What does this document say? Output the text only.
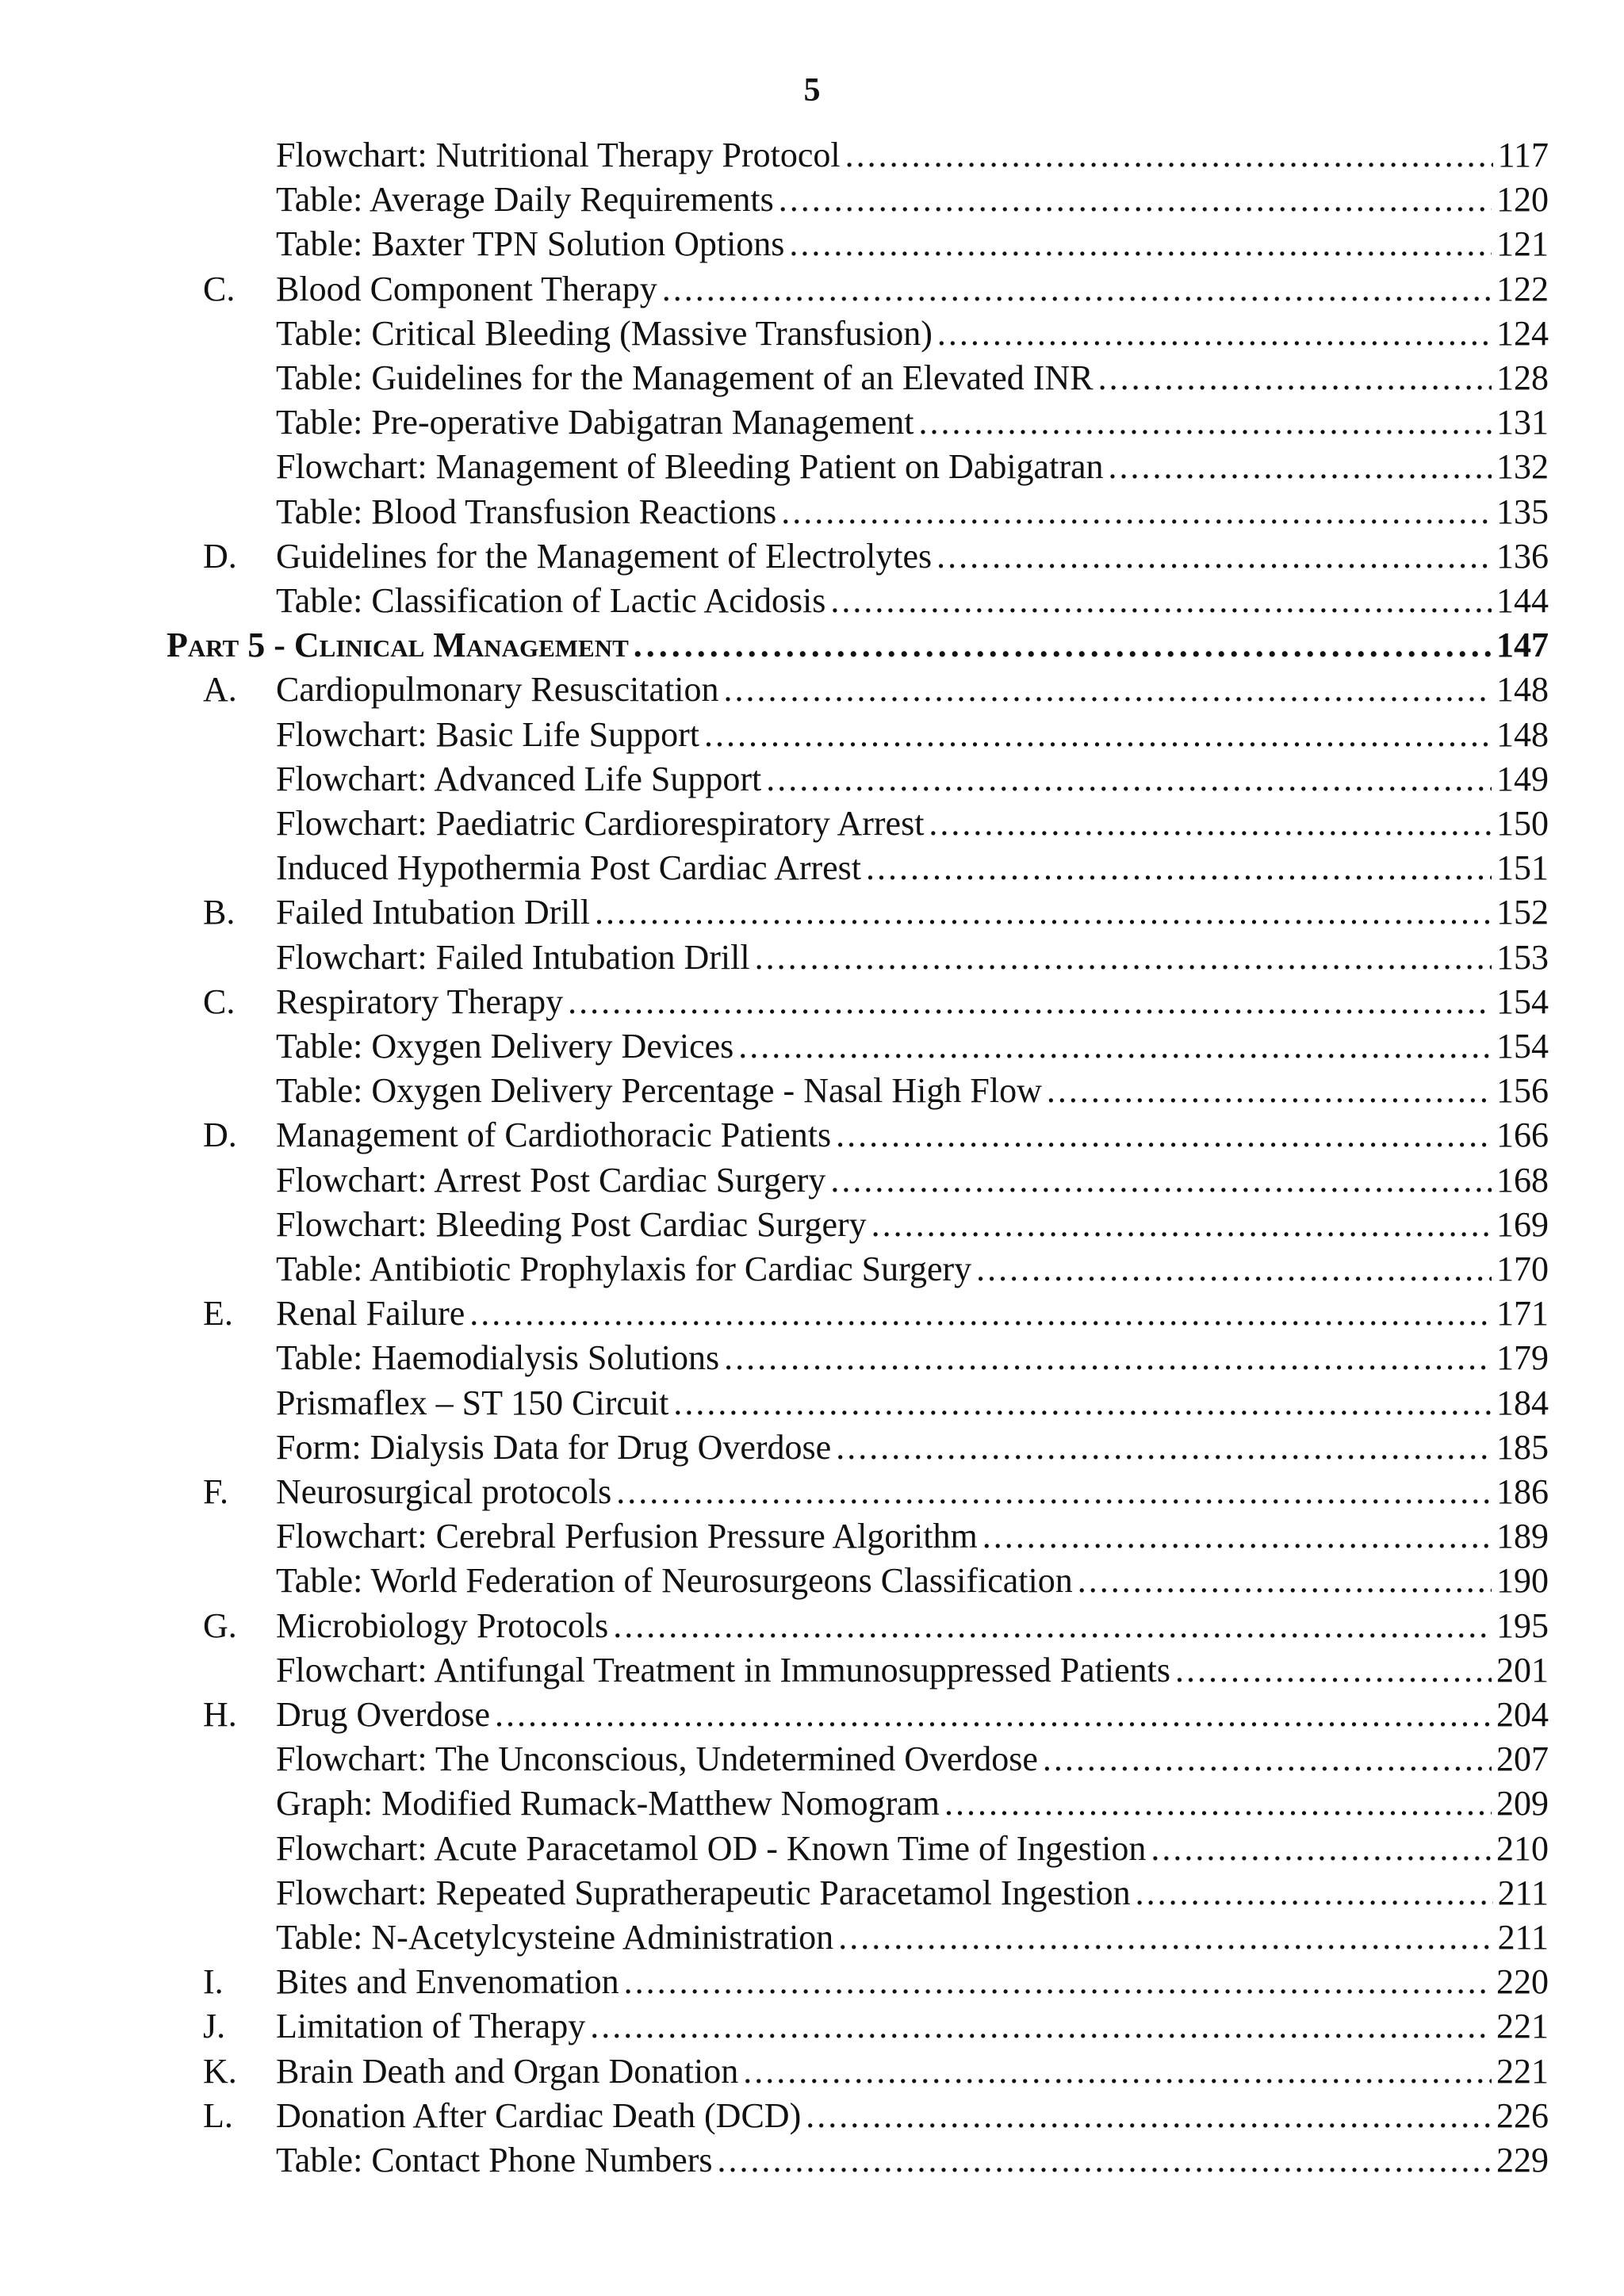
5
Flowchart: Nutritional Therapy Protocol . . .	117
Table: Average Daily Requirements . . .	120
Table: Baxter TPN Solution Options . . .	121
C. Blood Component Therapy . . .	122
Table: Critical Bleeding (Massive Transfusion) . . .	124
Table: Guidelines for the Management of an Elevated INR . . .	128
Table: Pre-operative Dabigatran Management . . .	131
Flowchart: Management of Bleeding Patient on Dabigatran . . .	132
Table: Blood Transfusion Reactions . . .	135
D. Guidelines for the Management of Electrolytes . . .	136
Table: Classification of Lactic Acidosis . . .	144
Part 5 - Clinical Management . . .	147
A. Cardiopulmonary Resuscitation . . .	148
Flowchart: Basic Life Support . . .	148
Flowchart: Advanced Life Support . . .	149
Flowchart: Paediatric Cardiorespiratory Arrest . . .	150
Induced Hypothermia Post Cardiac Arrest . . .	151
B. Failed Intubation Drill . . .	152
Flowchart: Failed Intubation Drill . . .	153
C. Respiratory Therapy . . .	154
Table: Oxygen Delivery Devices . . .	154
Table: Oxygen Delivery Percentage - Nasal High Flow . . .	156
D. Management of Cardiothoracic Patients . . .	166
Flowchart: Arrest Post Cardiac Surgery . . .	168
Flowchart: Bleeding Post Cardiac Surgery . . .	169
Table: Antibiotic Prophylaxis for Cardiac Surgery . . .	170
E. Renal Failure . . .	171
Table: Haemodialysis Solutions . . .	179
Prismaflex – ST 150 Circuit . . .	184
Form: Dialysis Data for Drug Overdose . . .	185
F. Neurosurgical protocols . . .	186
Flowchart: Cerebral Perfusion Pressure Algorithm . . .	189
Table: World Federation of Neurosurgeons Classification . . .	190
G. Microbiology Protocols . . .	195
Flowchart: Antifungal Treatment in Immunosuppressed Patients . . .	201
H. Drug Overdose . . .	204
Flowchart: The Unconscious, Undetermined Overdose . . .	207
Graph: Modified Rumack-Matthew Nomogram . . .	209
Flowchart: Acute Paracetamol OD - Known Time of Ingestion . . .	210
Flowchart: Repeated Supratherapeutic Paracetamol Ingestion . . .	211
Table: N-Acetylcysteine Administration . . .	211
I. Bites and Envenomation . . .	220
J. Limitation of Therapy . . .	221
K. Brain Death and Organ Donation . . .	221
L. Donation After Cardiac Death (DCD) . . .	226
Table: Contact Phone Numbers . . .	229
